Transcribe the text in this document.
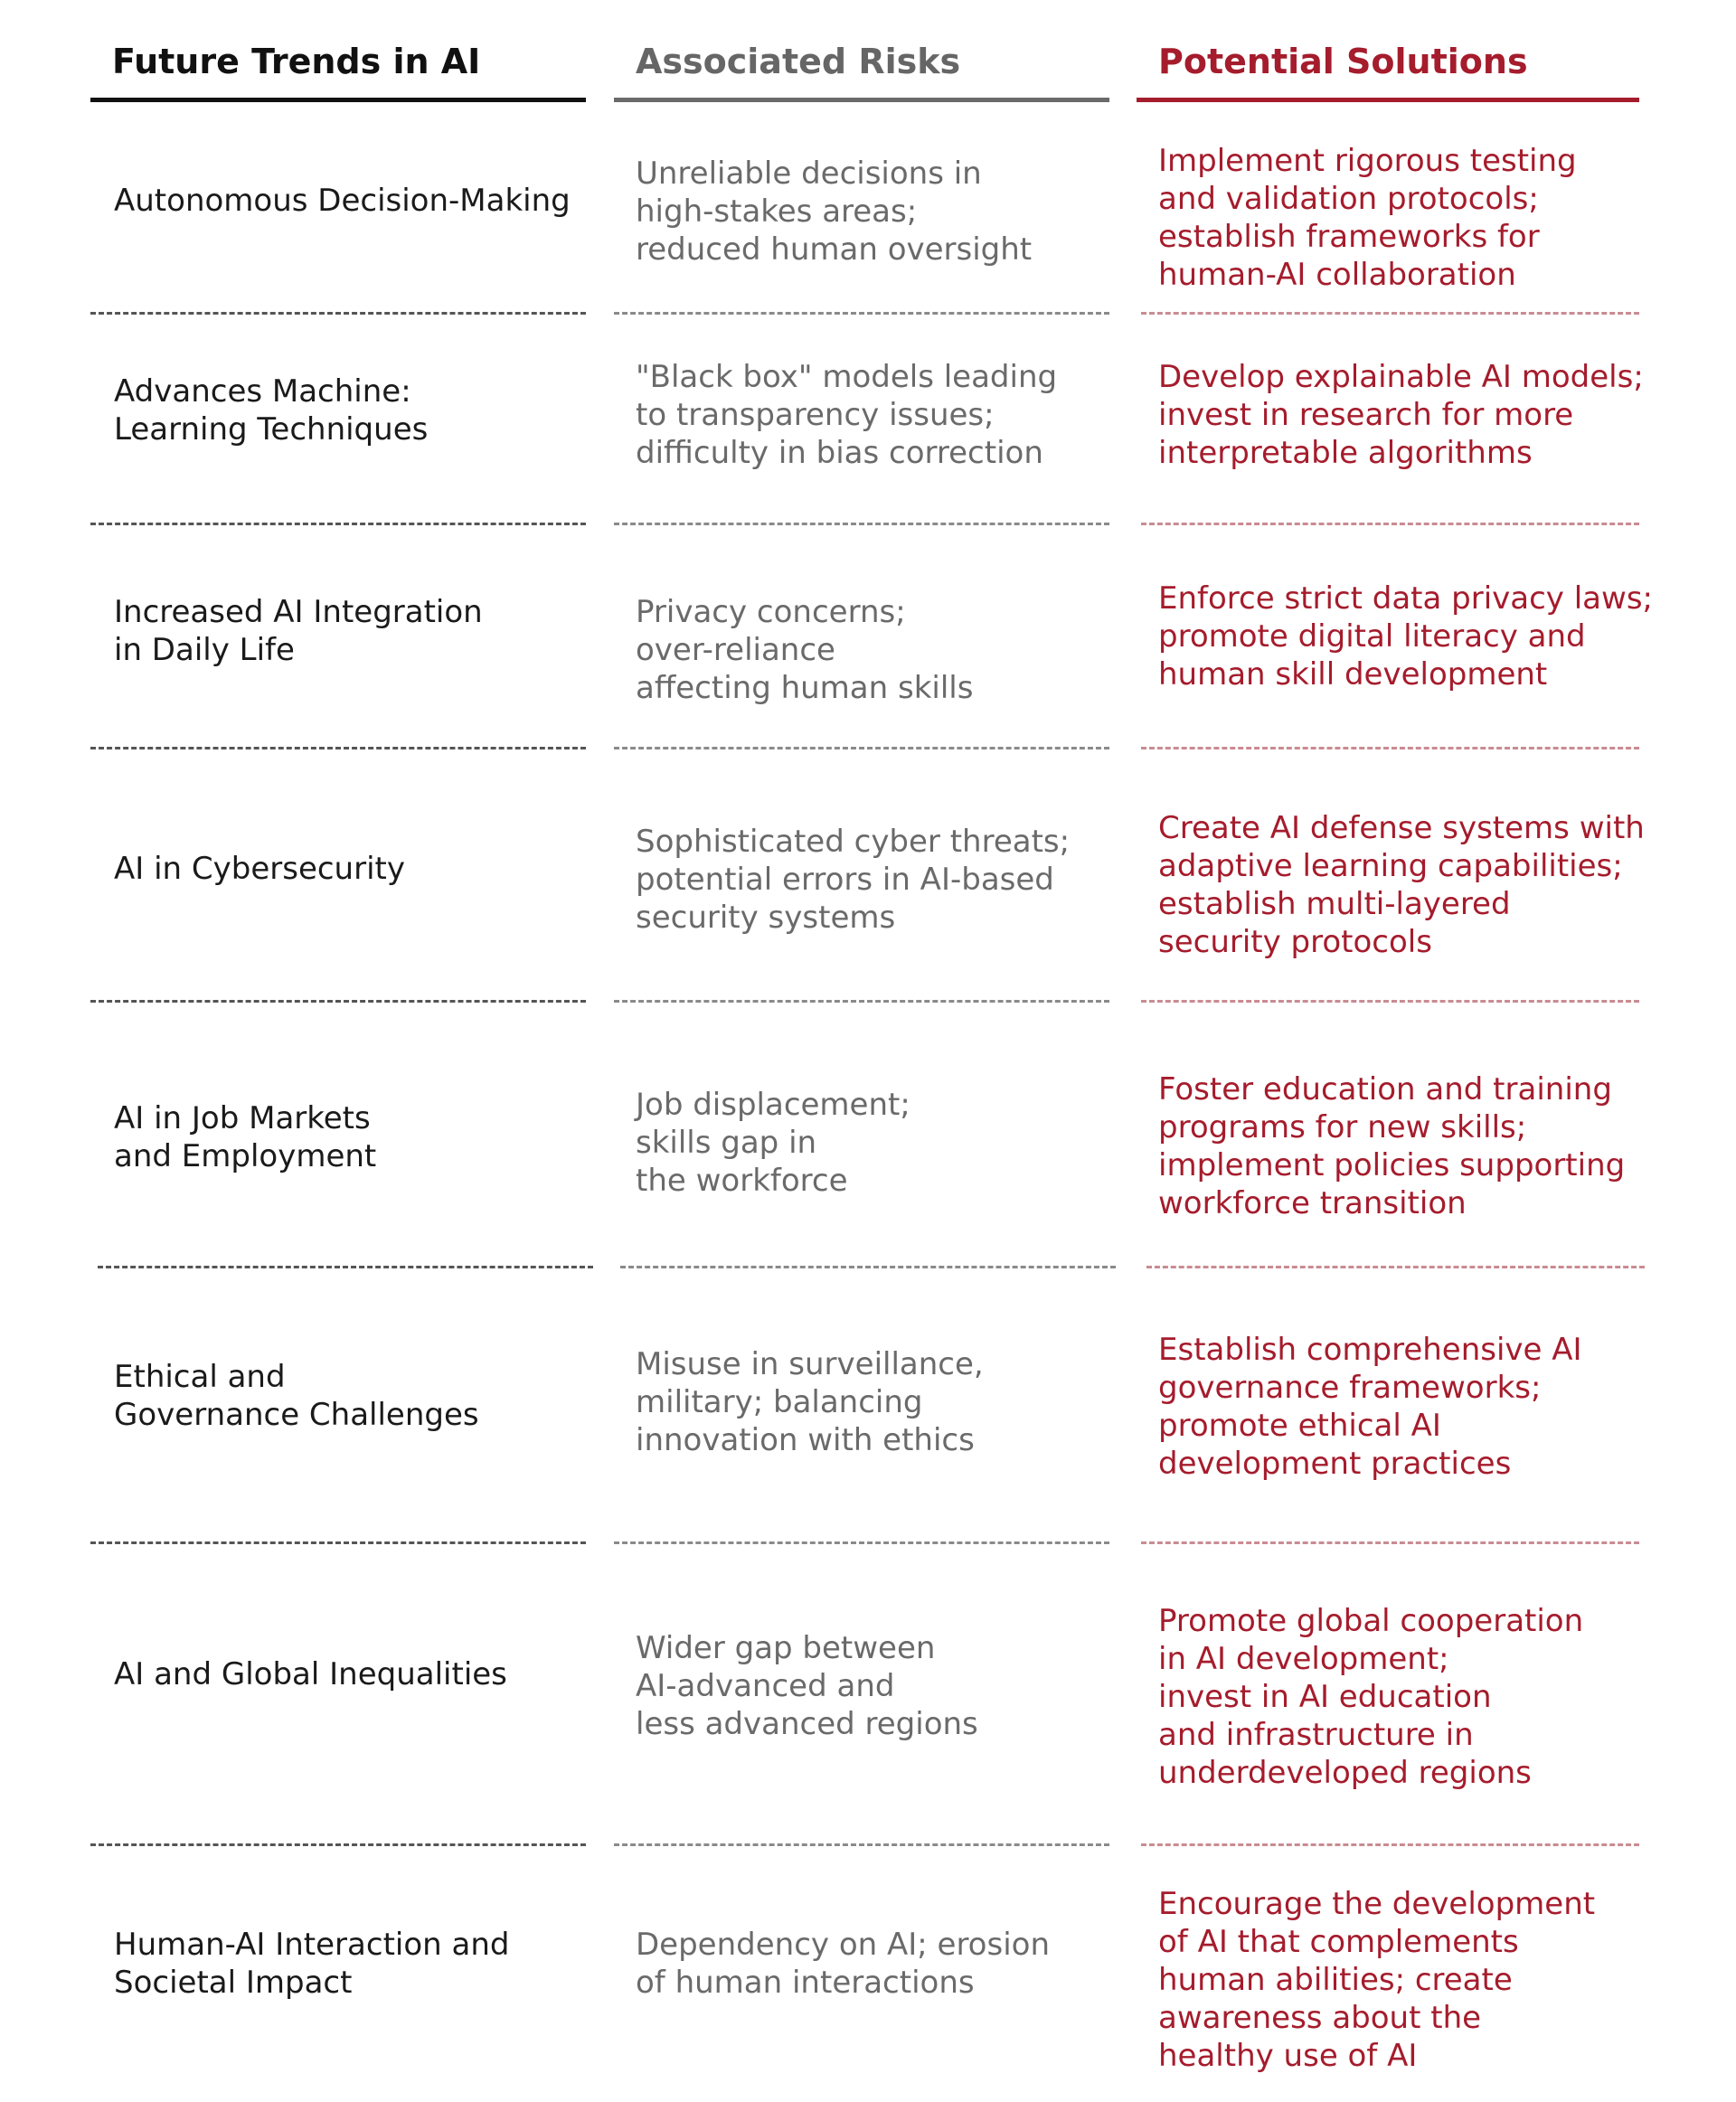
Future Trends in AI	Associated Risks	Potential Solutions
Autonomous Decision-Making
Unreliable decisions in
high-stakes areas;
reduced human oversight
Implement rigorous testing
and validation protocols;
establish frameworks for
human-AI collaboration
Advances Machine:
Learning Techniques
"Black box" models leading
to transparency issues;
difficulty in bias correction
Develop explainable AI models;
invest in research for more
interpretable algorithms
Increased AI Integration
in Daily Life
Privacy concerns;
over-reliance
affecting human skills
Enforce strict data privacy laws;
promote digital literacy and
human skill development
AI in Cybersecurity
Sophisticated cyber threats;
potential errors in AI-based
security systems
Create AI defense systems with
adaptive learning capabilities;
establish multi-layered
security protocols
AI in Job Markets
and Employment
Job displacement;
skills gap in
the workforce
Foster education and training
programs for new skills;
implement policies supporting
workforce transition
Ethical and
Governance Challenges
Misuse in surveillance,
military; balancing
innovation with ethics
Establish comprehensive AI
governance frameworks;
promote ethical AI
development practices
AI and Global Inequalities
Wider gap between
AI-advanced and
less advanced regions
Promote global cooperation
in AI development;
invest in AI education
and infrastructure in
underdeveloped regions
Human-AI Interaction and
Societal Impact
Dependency on AI; erosion
of human interactions
Encourage the development
of AI that complements
human abilities; create
awareness about the
healthy use of AI
